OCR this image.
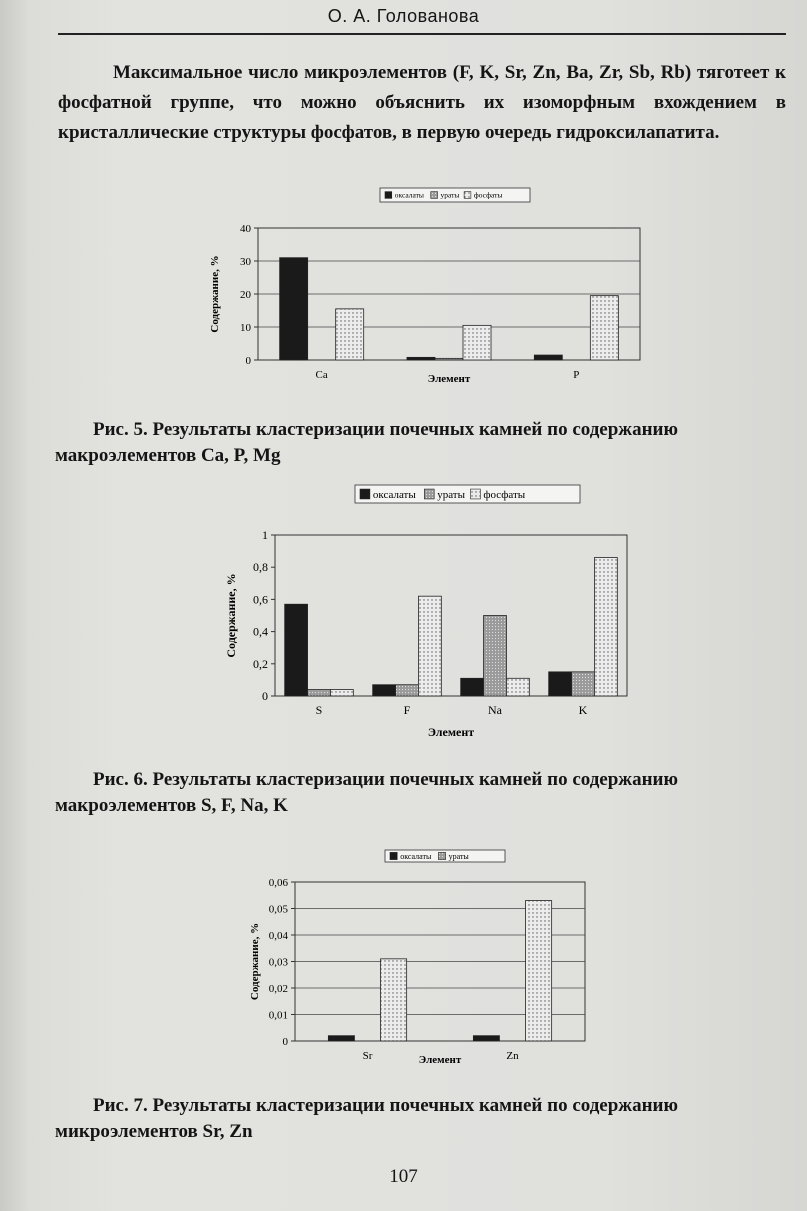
О. А. Голованова
Максимальное число микроэлементов (F, K, Sr, Zn, Ba, Zr, Sb, Rb) тяготеет к фосфатной группе, что можно объяснить их изоморфным вхождением в кристаллические структуры фосфатов, в первую очередь гидроксилапатита.
0
10
20
30
40
Содержание, %
Ca	P
Элемент
оксалаты ураты фосфаты
Рис. 5. Результаты кластеризации почечных камней по содержанию макроэлементов Ca, P, Mg
0
0,2
0,4
0,6
0,8
1
Содержание, %
S	F	Na	K
Элемент
оксалаты ураты фосфаты
Рис. 6. Результаты кластеризации почечных камней по содержанию макроэлементов S, F, Na, K
0
0,01
0,02
0,03
0,04
0,05
0,06
Содержание, %
Sr	Zn
Элемент
оксалаты ураты
Рис. 7. Результаты кластеризации почечных камней по содержанию микроэлементов Sr, Zn
107
